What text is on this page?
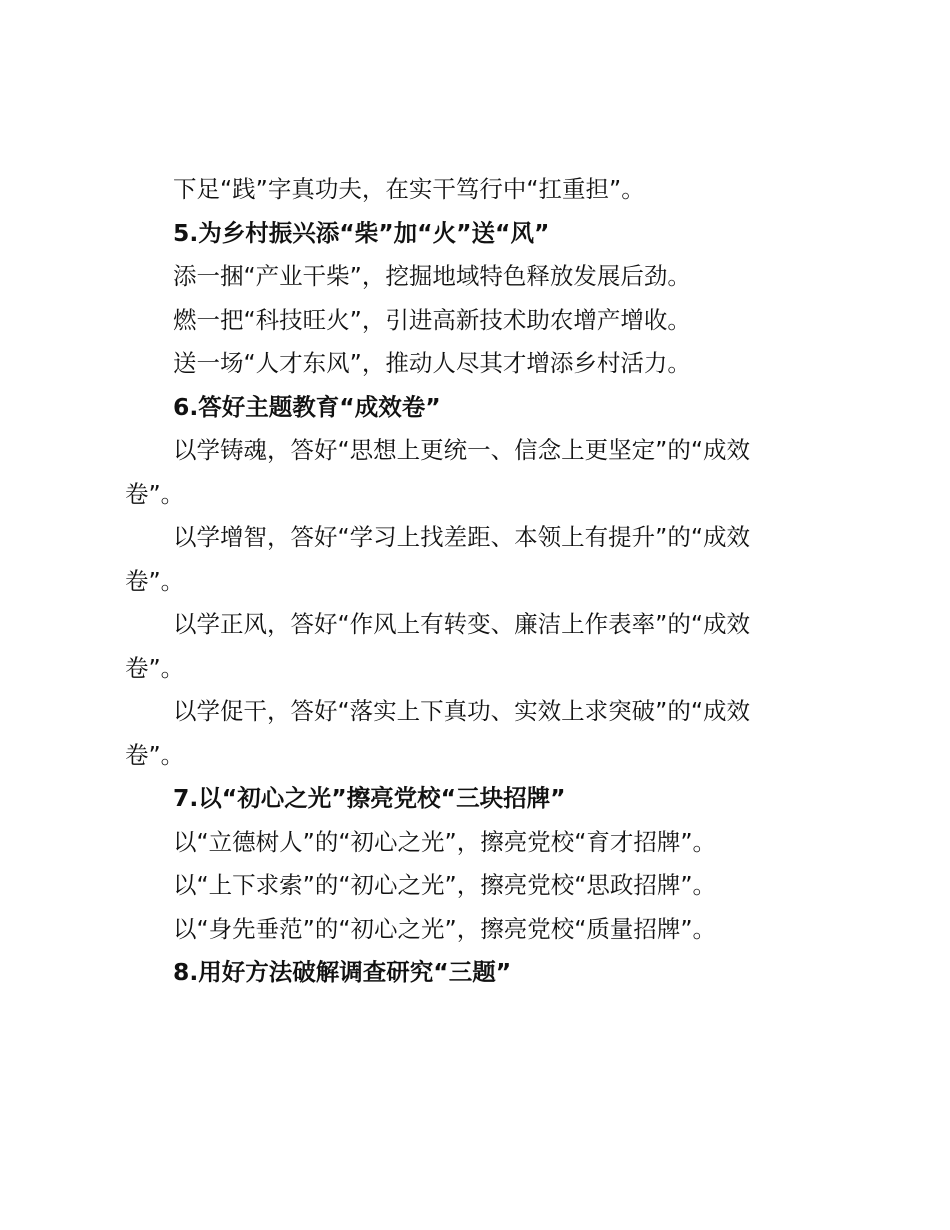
下足“践”字真功夫，在实干笃行中“扛重担”。

5.为乡村振兴添“柴”加“火”送“风”

添一捆“产业干柴”，挖掘地域特色释放发展后劲。

燃一把“科技旺火”，引进高新技术助农增产增收。

送一场“人才东风”，推动人尽其才增添乡村活力。

6.答好主题教育“成效卷”

以学铸魂，答好“思想上更统一、信念上更坚定”的“成效

卷”。

以学增智，答好“学习上找差距、本领上有提升”的“成效

卷”。

以学正风，答好“作风上有转变、廉洁上作表率”的“成效

卷”。

以学促干，答好“落实上下真功、实效上求突破”的“成效

卷”。

7.以“初心之光”擦亮党校“三块招牌”

以“立德树人”的“初心之光”，擦亮党校“育才招牌”。

以“上下求索”的“初心之光”，擦亮党校“思政招牌”。

以“身先垂范”的“初心之光”，擦亮党校“质量招牌”。

8.用好方法破解调查研究“三题”
